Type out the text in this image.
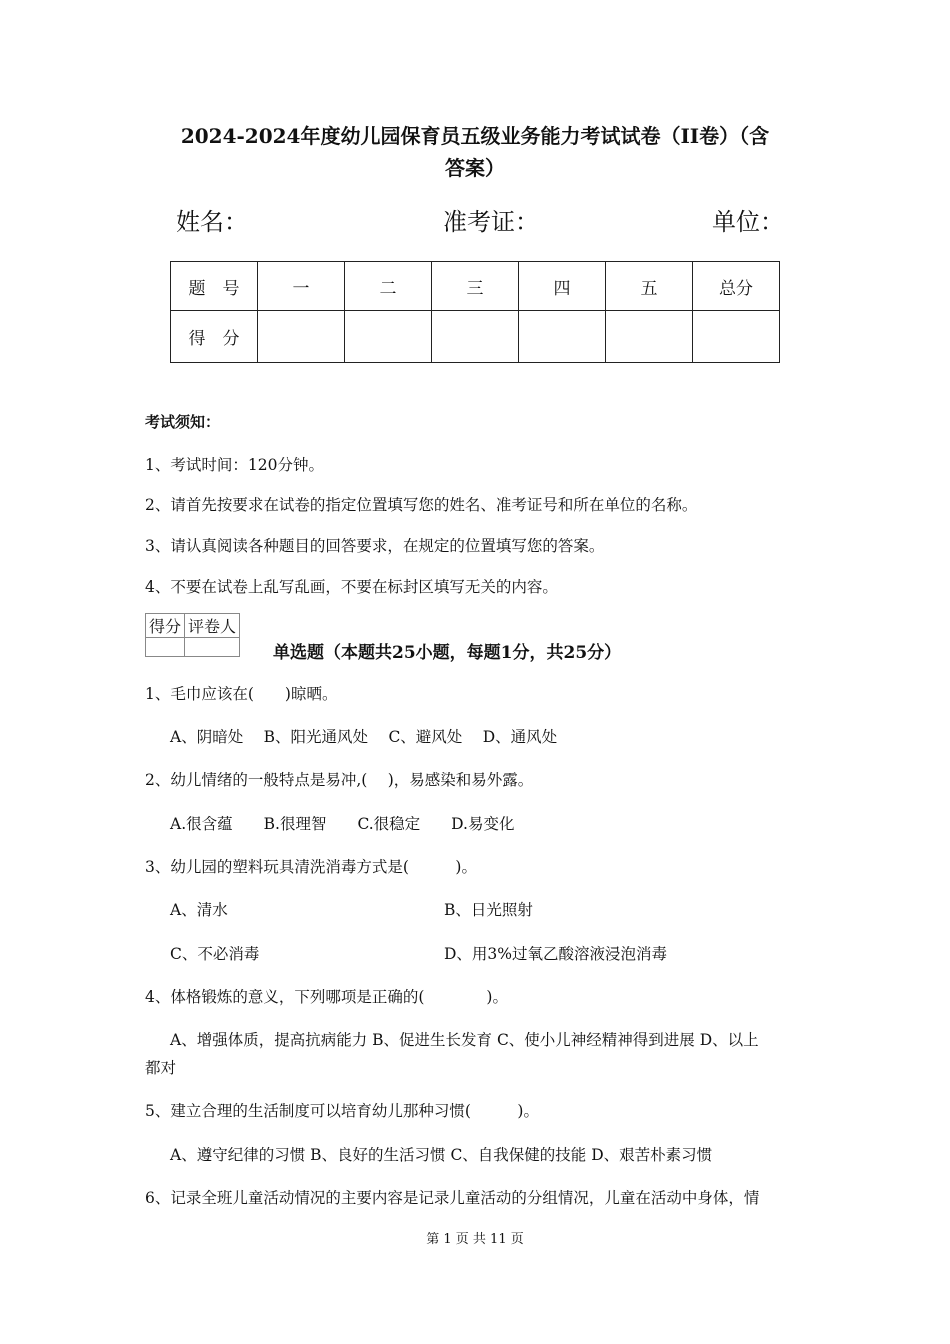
2024-2024年度幼儿园保育员五级业务能力考试试卷（II卷）（含
答案）
姓名：	准考证：	单位：
题　号	一	二	三	四	五	总分
得　分						
考试须知：
1、考试时间：120分钟。
2、请首先按要求在试卷的指定位置填写您的姓名、准考证号和所在单位的名称。
3、请认真阅读各种题目的回答要求，在规定的位置填写您的答案。
4、不要在试卷上乱写乱画，不要在标封区填写无关的内容。
得分	评卷人

单选题（本题共25小题，每题1分，共25分）
1、毛巾应该在(　　)晾晒。
A、阴暗处　 B、阳光通风处　 C、避风处　 D、通风处
2、幼儿情绪的一般特点是易冲,(　 )，易感染和易外露。
A.很含蕴　　B.很理智　　C.很稳定　　D.易变化
3、幼儿园的塑料玩具清洗消毒方式是(　　　)。
A、清水	B、日光照射
C、不必消毒	D、用3%过氧乙酸溶液浸泡消毒
4、体格锻炼的意义，下列哪项是正确的(　　　　)。
A、增强体质，提高抗病能力 B、促进生长发育 C、使小儿神经精神得到进展 D、以上
都对
5、建立合理的生活制度可以培育幼儿那种习惯(　　　)。
A、遵守纪律的习惯 B、良好的生活习惯 C、自我保健的技能 D、艰苦朴素习惯
6、记录全班儿童活动情况的主要内容是记录儿童活动的分组情况，儿童在活动中身体，情
第 1 页 共 11 页
